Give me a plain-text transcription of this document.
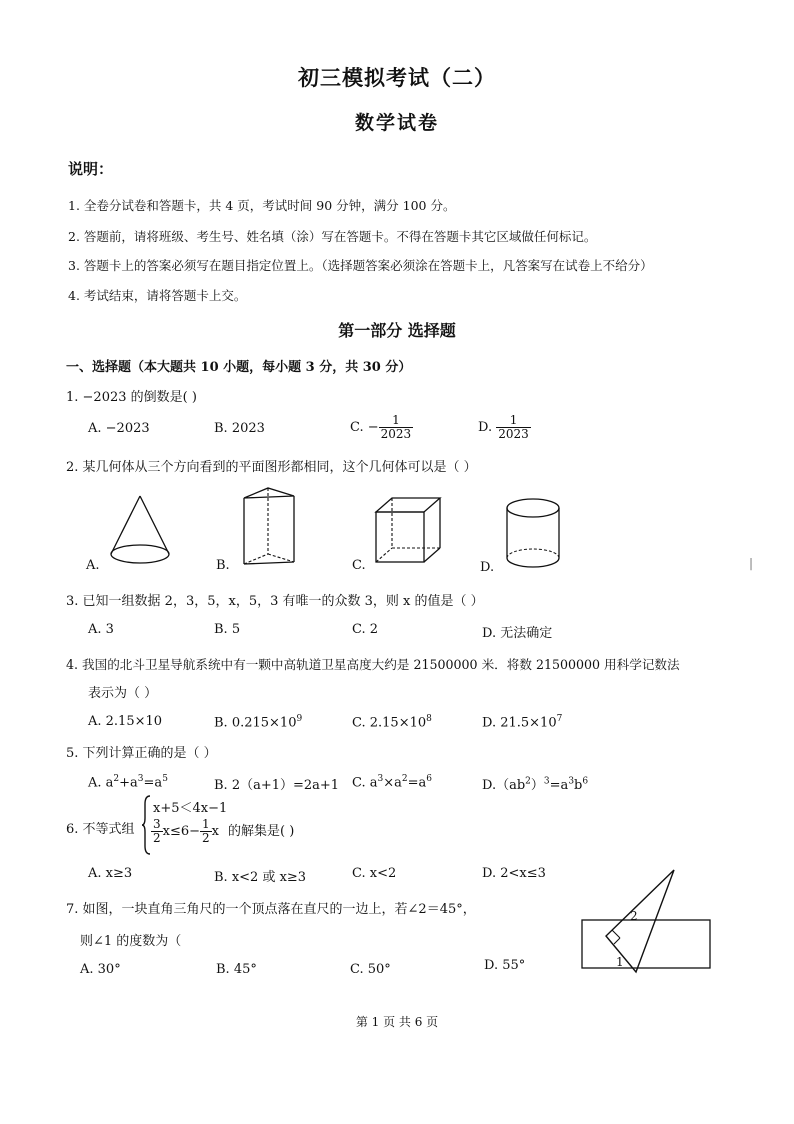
初三模拟考试（二）
数学试卷
说明：
1. 全卷分试卷和答题卡，共 4 页，考试时间 90 分钟，满分 100 分。
2. 答题前，请将班级、考生号、姓名填（涂）写在答题卡。不得在答题卡其它区域做任何标记。
3. 答题卡上的答案必须写在题目指定位置上。（选择题答案必须涂在答题卡上，凡答案写在试卷上不给分）
4. 考试结束，请将答题卡上交。
第一部分 选择题
一、选择题（本大题共 10 小题，每小题 3 分，共 30 分）
1. −2023 的倒数是( )
A. −2023	B. 2023	C. − $\frac{1}{2023}$	D. $\frac{1}{2023}$
2. 某几何体从三个方向看到的平面图形都相同，这个几何体可以是（ ）
A.	B.	C.	D.
3. 已知一组数据 2，3，5，x，5，3 有唯一的众数 3，则 x 的值是（ ）
A. 3	B. 5	C. 2	D. 无法确定
4. 我国的北斗卫星导航系统中有一颗中高轨道卫星高度大约是 21500000 米．将数 21500000 用科学记数法
表示为（ ）
A. 2.15×10	B. $0.215\times 10^9$	C. $2.15\times 10^8$	D. $21.5\times 10^7$
5. 下列计算正确的是（ ）
A. $a^2+a^3=a^5$	B. 2（a+1）=2a+1 C. $a^3\times a^2=a^6$	$D.(ab^2)^3=a^3b^6$
6. 不等式组
x+5＜4x−1
$\frac{3}{2} x\le 6- \frac{1}{2}$ x 的解集是( )
A. x≥3	B. x<2 或 x≥3	C. x<2	D. 2<x≤3
7. 如图，一块直角三角尺的一个顶点落在直尺的一边上，若∠2＝45°，
则∠1 的度数为（
A. 30°	B. 45°	C. 50°	D. 55°
2
1
|
第 1 页 共 6 页
